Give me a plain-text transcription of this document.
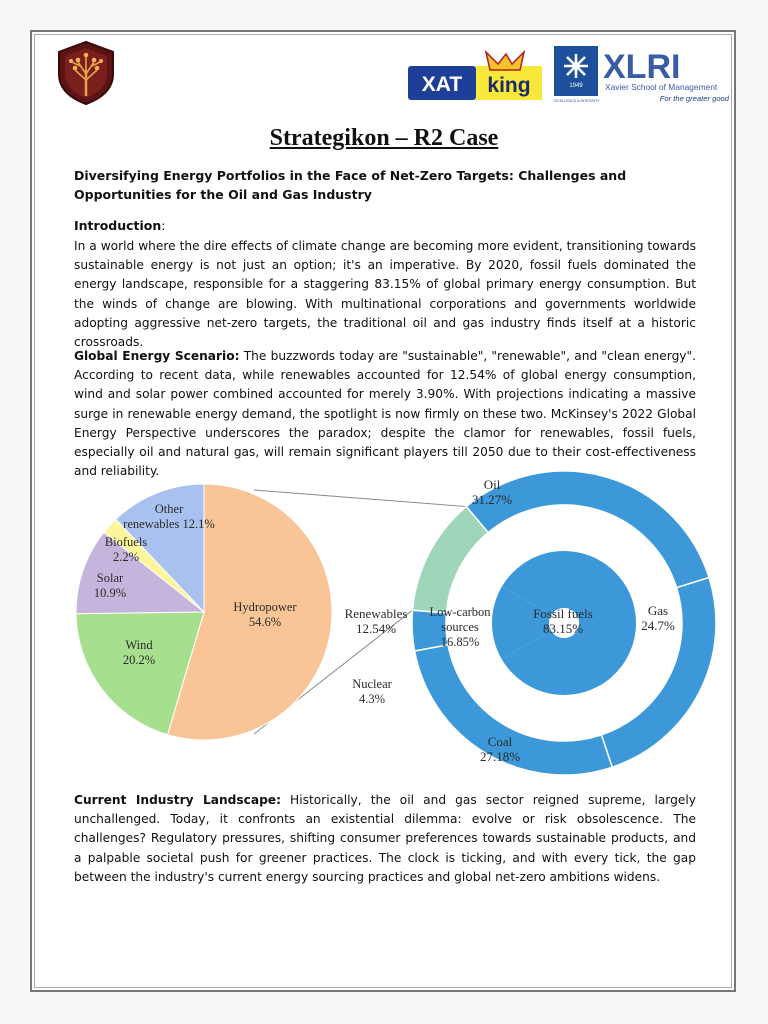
XAT king	1949
EXCELLENCE & INTEGRITY
XLRI
Xavier School of Management
For the greater good
Strategikon – R2 Case
Diversifying Energy Portfolios in the Face of Net-Zero Targets: Challenges and Opportunities for the Oil and Gas Industry
Introduction:
In a world where the dire effects of climate change are becoming more evident, transitioning towards sustainable energy is not just an option; it's an imperative. By 2020, fossil fuels dominated the energy landscape, responsible for a staggering 83.15% of global primary energy consumption. But the winds of change are blowing. With multinational corporations and governments worldwide adopting aggressive net-zero targets, the traditional oil and gas industry finds itself at a historic crossroads.
Global Energy Scenario: The buzzwords today are "sustainable", "renewable", and "clean energy". According to recent data, while renewables accounted for 12.54% of global energy consumption, wind and solar power combined accounted for merely 3.90%. With projections indicating a massive surge in renewable energy demand, the spotlight is now firmly on these two. McKinsey's 2022 Global Energy Perspective underscores the paradox; despite the clamor for renewables, fossil fuels, especially oil and natural gas, will remain significant players till 2050 due to their cost-effectiveness and reliability.
Other renewables 12.1%
Biofuels 2.2%
Solar 10.9%
Wind 20.2%
Hydropower 54.6%
Oil 31.27%
Gas 24.7%
Coal 27.18%
Nuclear 4.3%
Renewables 12.54%
Low-carbon sources 16.85%
Fossil fuels 83.15%
Current Industry Landscape: Historically, the oil and gas sector reigned supreme, largely unchallenged. Today, it confronts an existential dilemma: evolve or risk obsolescence. The challenges? Regulatory pressures, shifting consumer preferences towards sustainable products, and a palpable societal push for greener practices. The clock is ticking, and with every tick, the gap between the industry's current energy sourcing practices and global net-zero ambitions widens.
